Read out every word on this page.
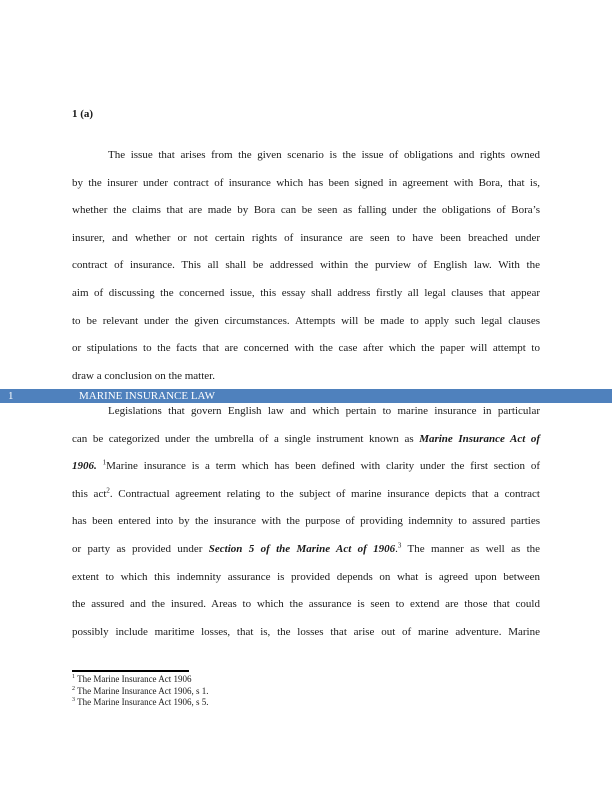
1 (a)
The issue that arises from the given scenario is the issue of obligations and rights owned
by the insurer under contract of insurance which has been signed in agreement with Bora, that is,
whether the claims that are made by Bora can be seen as falling under the obligations of Bora’s
insurer, and whether or not certain rights of insurance are seen to have been breached under
contract of insurance. This all shall be addressed within the purview of English law. With the
aim of discussing the concerned issue, this essay shall address firstly all legal clauses that appear
to be relevant under the given circumstances. Attempts will be made to apply such legal clauses
or stipulations to the facts that are concerned with the case after which the paper will attempt to
draw a conclusion on the matter.
1	MARINE INSURANCE LAW
Legislations that govern English law and which pertain to marine insurance in particular
can be categorized under the umbrella of a single instrument known as Marine Insurance Act of
1906. $^1$Marine insurance is a term which has been defined with clarity under the first section of
this act$^2$. Contractual agreement relating to the subject of marine insurance depicts that a contract
has been entered into by the insurance with the purpose of providing indemnity to assured parties
or party as provided under Section 5 of the Marine Act of 1906.$^3$ The manner as well as the
extent to which this indemnity assurance is provided depends on what is agreed upon between
the assured and the insured. Areas to which the assurance is seen to extend are those that could
possibly include maritime losses, that is, the losses that arise out of marine adventure. Marine
$^1$ The Marine Insurance Act 1906
$^2$ The Marine Insurance Act 1906, s 1.
$^3$ The Marine Insurance Act 1906, s 5.
